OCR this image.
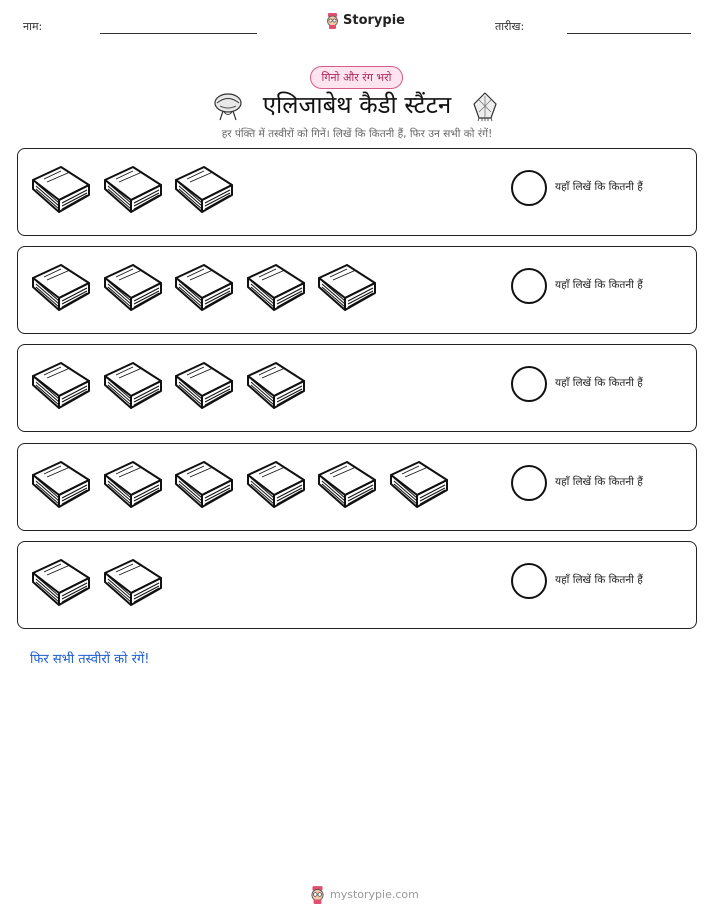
नाम:	Storypie	तारीख:
गिनो और रंग भरो
एलिजाबेथ कैडी स्टैंटन
हर पंक्ति में तस्वीरों को गिनें। लिखें कि कितनी हैं, फिर उन सभी को रंगें!
यहाँ लिखें कि कितनी हैं
यहाँ लिखें कि कितनी हैं
यहाँ लिखें कि कितनी हैं
यहाँ लिखें कि कितनी हैं
यहाँ लिखें कि कितनी हैं
फिर सभी तस्वीरों को रंगें!
mystorypie.com
